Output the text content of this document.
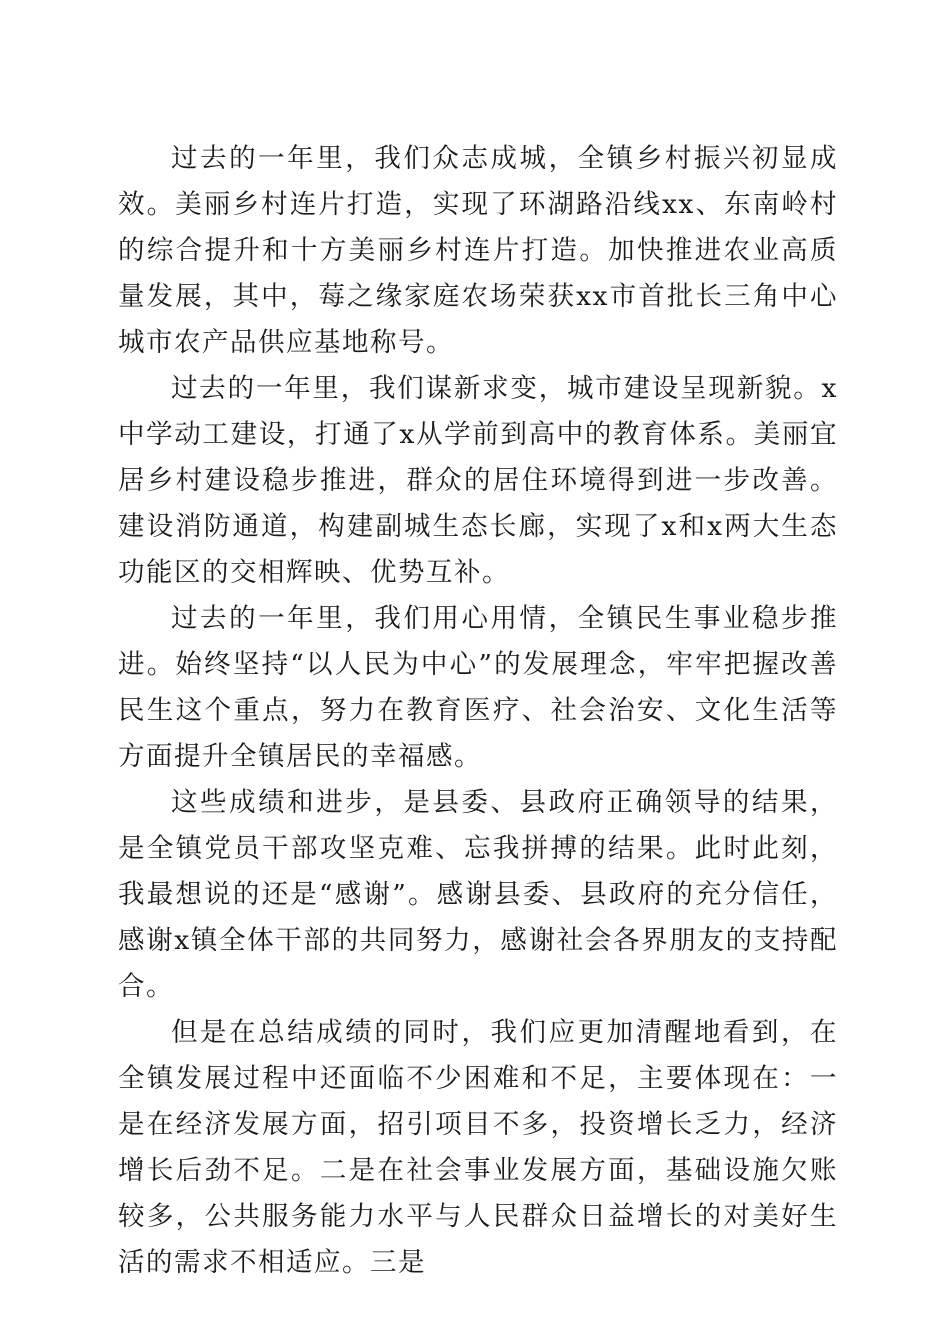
过去的一年里，我们众志成城，全镇乡村振兴初显成效。美丽乡村连片打造，实现了环湖路沿线xx、东南岭村的综合提升和十方美丽乡村连片打造。加快推进农业高质量发展，其中，莓之缘家庭农场荣获xx市首批长三角中心城市农产品供应基地称号。

过去的一年里，我们谋新求变，城市建设呈现新貌。x中学动工建设，打通了x从学前到高中的教育体系。美丽宜居乡村建设稳步推进，群众的居住环境得到进一步改善。建设消防通道，构建副城生态长廊，实现了x和x两大生态功能区的交相辉映、优势互补。

过去的一年里，我们用心用情，全镇民生事业稳步推进。始终坚持“以人民为中心”的发展理念，牢牢把握改善民生这个重点，努力在教育医疗、社会治安、文化生活等方面提升全镇居民的幸福感。

这些成绩和进步，是县委、县政府正确领导的结果，是全镇党员干部攻坚克难、忘我拼搏的结果。此时此刻，我最想说的还是“感谢”。感谢县委、县政府的充分信任，感谢x镇全体干部的共同努力，感谢社会各界朋友的支持配合。

但是在总结成绩的同时，我们应更加清醒地看到，在全镇发展过程中还面临不少困难和不足，主要体现在：一是在经济发展方面，招引项目不多，投资增长乏力，经济增长后劲不足。二是在社会事业发展方面，基础设施欠账较多，公共服务能力水平与人民群众日益增长的对美好生活的需求不相适应。三是
